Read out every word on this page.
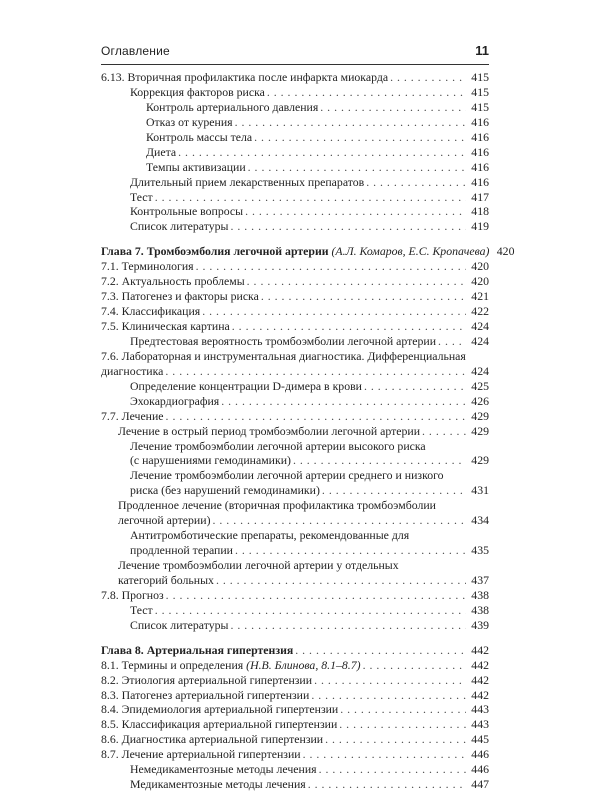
Оглавление	11
6.13. Вторичная профилактика после инфаркта миокарда . . .	415
Коррекция факторов риска . . .	415
Контроль артериального давления . . .	415
Отказ от курения . . .	416
Контроль массы тела . . .	416
Диета . . .	416
Темпы активизации . . .	416
Длительный прием лекарственных препаратов . . .	416
Тест . . .	417
Контрольные вопросы . . .	418
Список литературы . . .	419
Глава 7. Тромбоэмболия легочной артерии (А.Л. Комаров, Е.С. Кропачева) 420
7.1. Терминология . . .	420
7.2. Актуальность проблемы . . .	420
7.3. Патогенез и факторы риска . . .	421
7.4. Классификация . . .	422
7.5. Клиническая картина . . .	424
Предтестовая вероятность тромбоэмболии легочной артерии . . .	424
7.6. Лабораторная и инструментальная диагностика. Дифференциальная
диагностика . . .	424
Определение концентрации D-димера в крови . . .	425
Эхокардиография . . .	426
7.7. Лечение . . .	429
Лечение в острый период тромбоэмболии легочной артерии . . .	429
Лечение тромбоэмболии легочной артерии высокого риска
(с нарушениями гемодинамики) . . .	429
Лечение тромбоэмболии легочной артерии среднего и низкого
риска (без нарушений гемодинамики) . . .	431
Продленное лечение (вторичная профилактика тромбоэмболии
легочной артерии) . . .	434
Антитромботические препараты, рекомендованные для
продленной терапии . . .	435
Лечение тромбоэмболии легочной артерии у отдельных
категорий больных . . .	437
7.8. Прогноз . . .	438
Тест . . .	438
Список литературы . . .	439
Глава 8. Артериальная гипертензия . . .	442
8.1. Термины и определения (Н.В. Блинова, 8.1–8.7) . . .	442
8.2. Этиология артериальной гипертензии . . .	442
8.3. Патогенез артериальной гипертензии . . .	442
8.4. Эпидемиология артериальной гипертензии . . .	443
8.5. Классификация артериальной гипертензии . . .	443
8.6. Диагностика артериальной гипертензии . . .	445
8.7. Лечение артериальной гипертензии . . .	446
Немедикаментозные методы лечения . . .	446
Медикаментозные методы лечения . . .	447
